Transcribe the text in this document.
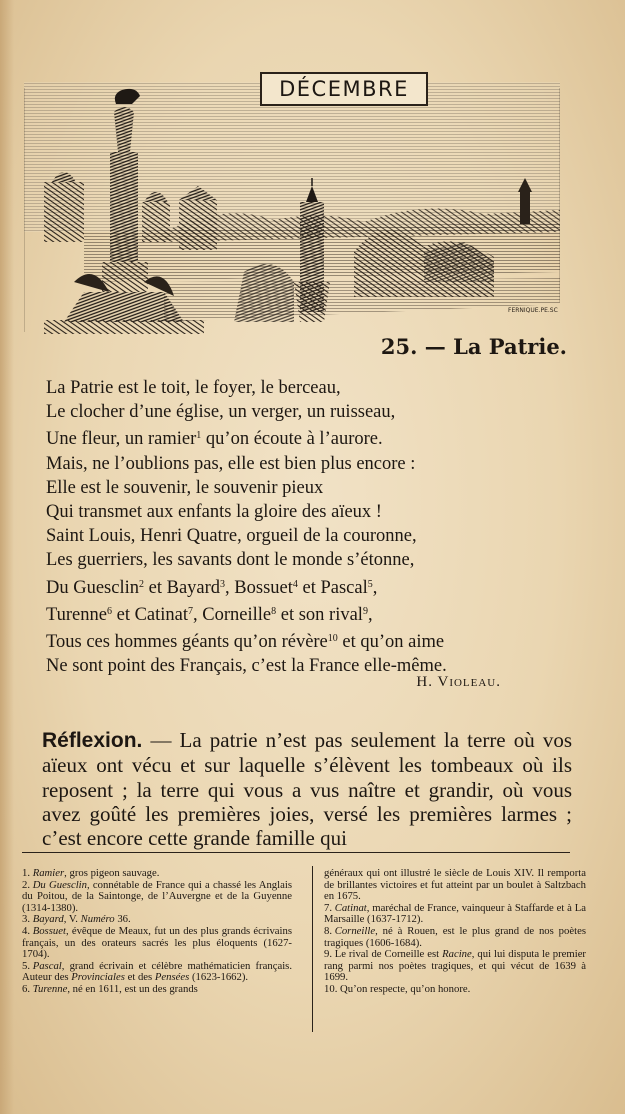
FERNIQUE.PE.SC
DÉCEMBRE
25. — La Patrie.
La Patrie est le toit, le foyer, le berceau,
Le clocher d’une église, un verger, un ruisseau,
Une fleur, un ramier$^1$ qu’on écoute à l’aurore.
Mais, ne l’oublions pas, elle est bien plus encore :
Elle est le souvenir, le souvenir pieux
Qui transmet aux enfants la gloire des aïeux !
Saint Louis, Henri Quatre, orgueil de la couronne,
Les guerriers, les savants dont le monde s’étonne,
Du Guesclin$^2$ et Bayard$^3$, Bossuet$^4$ et Pascal$^5$,
Turenne$^6$ et Catinat$^7$, Corneille$^8$ et son rival$^9$,
Tous ces hommes géants qu’on révère$^{10}$ et qu’on aime
Ne sont point des Français, c’est la France elle-même.
H. Violeau.
Réflexion. — La patrie n’est pas seulement la terre où vos aïeux ont vécu et sur laquelle s’élèvent les tombeaux où ils reposent ; la terre qui vous a vus naître et grandir, où vous avez goûté les premières joies, versé les premières larmes ; c’est encore cette grande famille qui
1. Ramier, gros pigeon sauvage.
2. Du Guesclin, connétable de France qui a chassé les Anglais du Poitou, de la Saintonge, de l’Auvergne et de la Guyenne (1314-1380).
3. Bayard, V. Numéro 36.
4. Bossuet, évêque de Meaux, fut un des plus grands écrivains français, un des orateurs sacrés les plus éloquents (1627-1704).
5. Pascal, grand écrivain et célèbre mathématicien français. Auteur des Provinciales et des Pensées (1623-1662).
6. Turenne, né en 1611, est un des grands
généraux qui ont illustré le siècle de Louis XIV. Il remporta de brillantes victoires et fut atteint par un boulet à Saltzbach en 1675.
7. Catinat, maréchal de France, vainqueur à Staffarde et à La Marsaille (1637-1712).
8. Corneille, né à Rouen, est le plus grand de nos poètes tragiques (1606-1684).
9. Le rival de Corneille est Racine, qui lui disputa le premier rang parmi nos poètes tragiques, et qui vécut de 1639 à 1699.
10. Qu’on respecte, qu’on honore.
